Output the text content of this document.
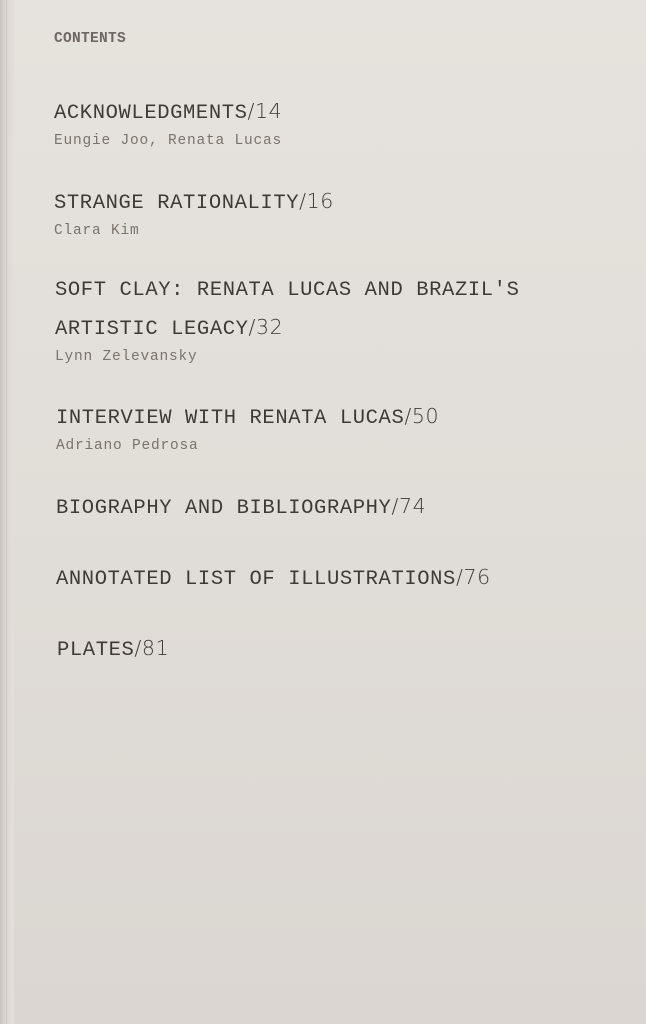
CONTENTS
ACKNOWLEDGMENTS/14
Eungie Joo, Renata Lucas
STRANGE RATIONALITY/16
Clara Kim
SOFT CLAY: RENATA LUCAS AND BRAZIL'S
ARTISTIC LEGACY/32
Lynn Zelevansky
INTERVIEW WITH RENATA LUCAS/50
Adriano Pedrosa
BIOGRAPHY AND BIBLIOGRAPHY/74
ANNOTATED LIST OF ILLUSTRATIONS/76
PLATES/81
